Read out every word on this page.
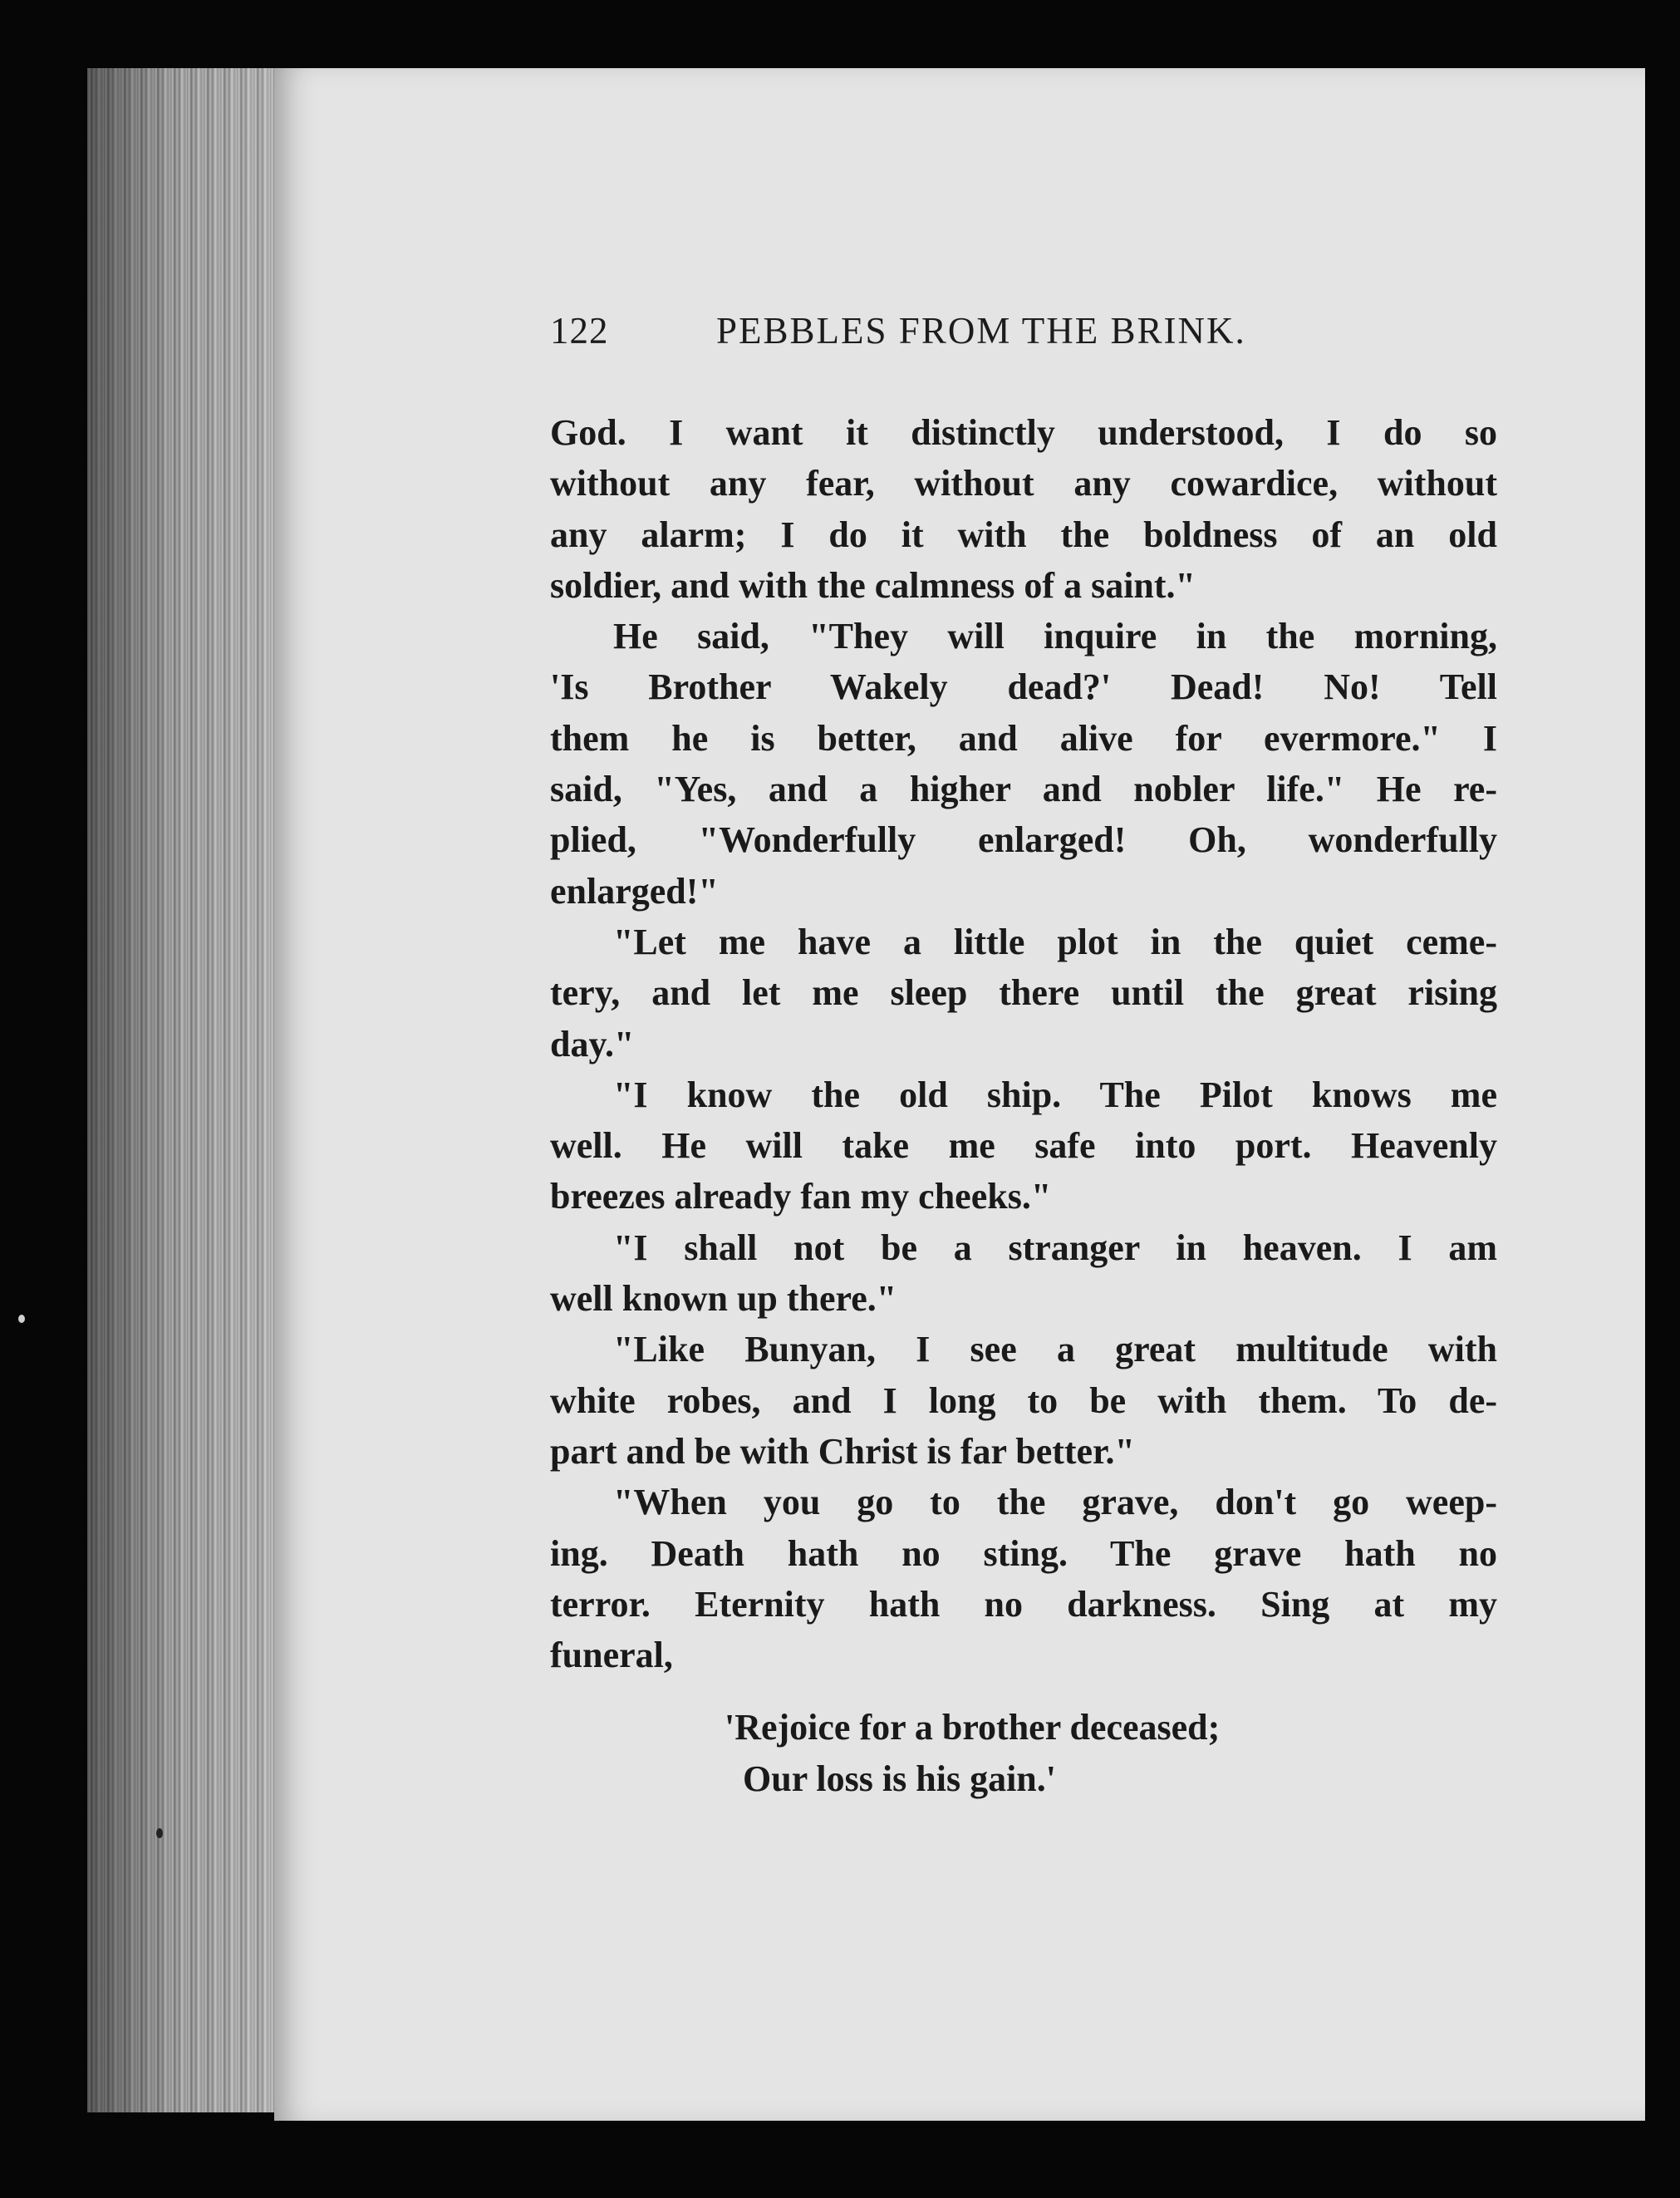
122	PEBBLES FROM THE BRINK.
God. I want it distinctly understood, I do so
without any fear, without any cowardice, without
any alarm; I do it with the boldness of an old
soldier, and with the calmness of a saint."
He said, "They will inquire in the morning,
'Is Brother Wakely dead?' Dead! No! Tell
them he is better, and alive for evermore." I
said, "Yes, and a higher and nobler life." He re-
plied, "Wonderfully enlarged! Oh, wonderfully
enlarged!"
"Let me have a little plot in the quiet ceme-
tery, and let me sleep there until the great rising
day."
"I know the old ship. The Pilot knows me
well. He will take me safe into port. Heavenly
breezes already fan my cheeks."
"I shall not be a stranger in heaven. I am
well known up there."
"Like Bunyan, I see a great multitude with
white robes, and I long to be with them. To de-
part and be with Christ is far better."
"When you go to the grave, don't go weep-
ing. Death hath no sting. The grave hath no
terror. Eternity hath no darkness. Sing at my
funeral,
'Rejoice for a brother deceased;
Our loss is his gain.'
